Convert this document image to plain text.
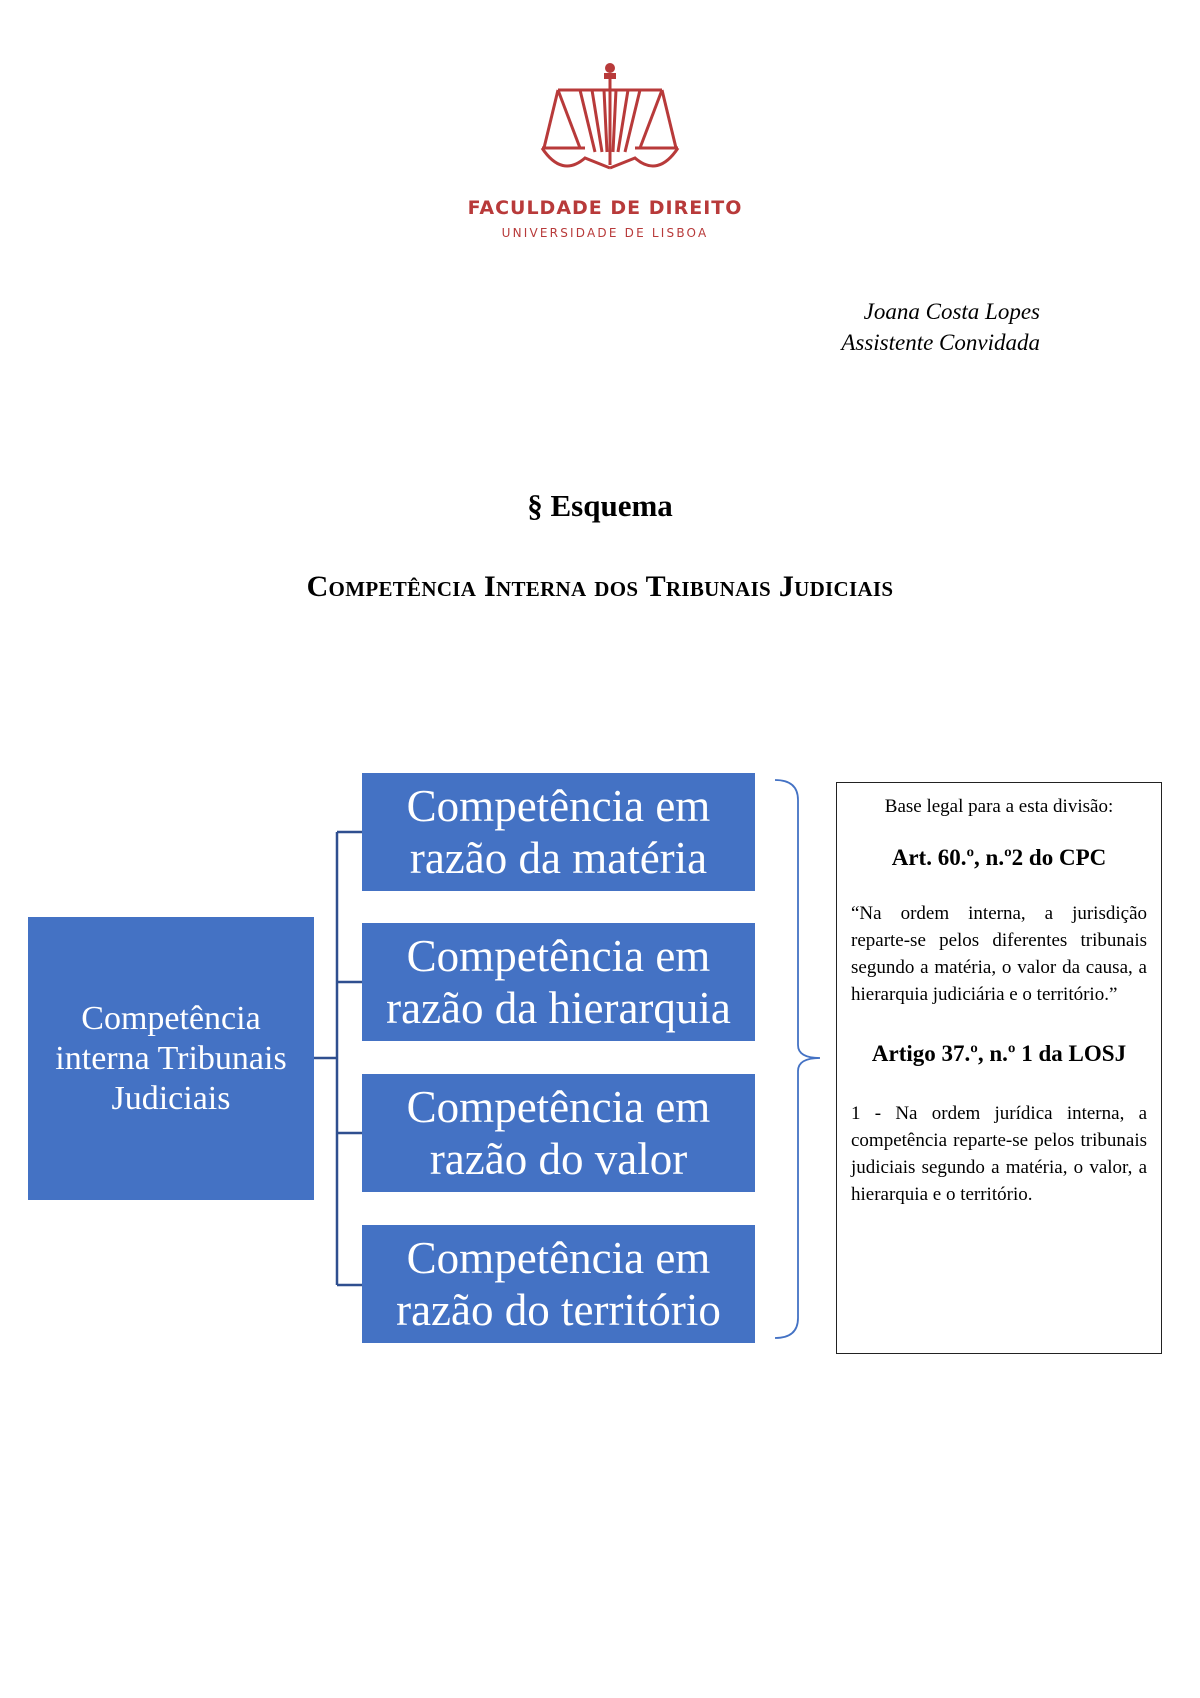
FACULDADE DE DIREITO
UNIVERSIDADE DE LISBOA
Joana Costa Lopes
Assistente Convidada
§ Esquema
Competência Interna dos Tribunais Judiciais
Competência interna Tribunais Judiciais
Competência em razão da matéria
Competência em razão da hierarquia
Competência em razão do valor
Competência em razão do território

Base legal para a esta divisão:

Art. 60.º, n.º2 do CPC

“Na ordem interna, a jurisdição reparte-se pelos diferentes tribunais segundo a matéria, o valor da causa, a hierarquia judiciária e o território.”

Artigo 37.º, n.º 1 da LOSJ

1 - Na ordem jurídica interna, a competência reparte-se pelos tribunais judiciais segundo a matéria, o valor, a hierarquia e o território.
